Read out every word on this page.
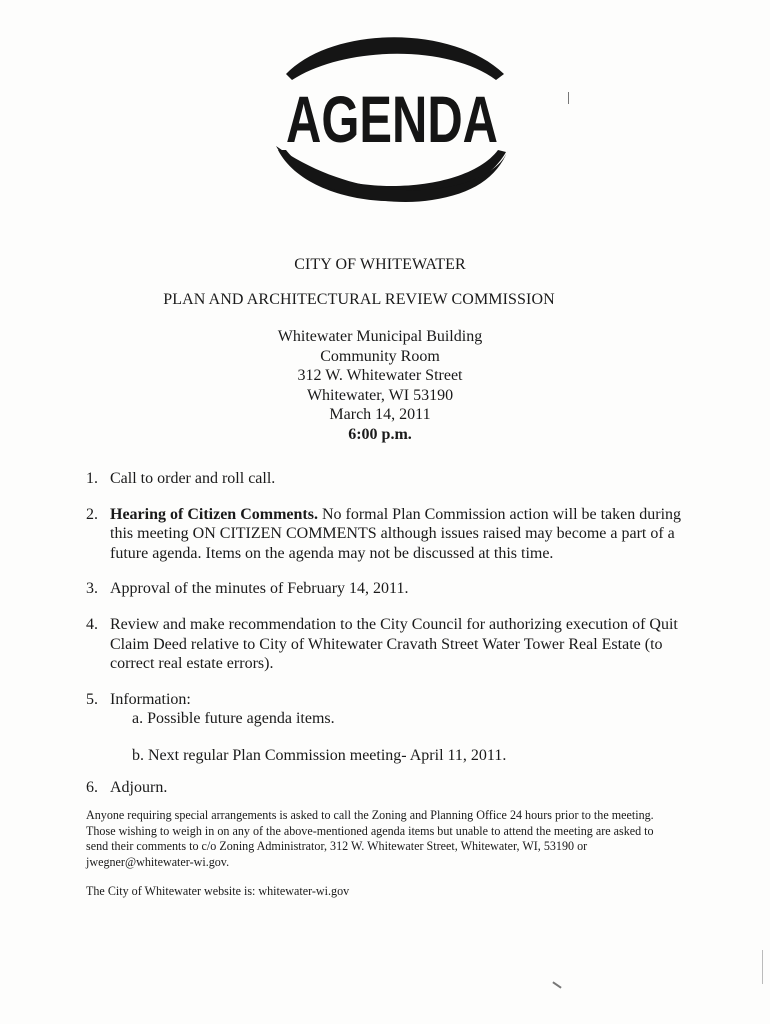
AGENDA
CITY OF WHITEWATER
PLAN AND ARCHITECTURAL REVIEW COMMISSION
Whitewater Municipal Building
Community Room
312 W. Whitewater Street
Whitewater, WI 53190
March 14, 2011
6:00 p.m.
1. Call to order and roll call.
2. Hearing of Citizen Comments. No formal Plan Commission action will be taken during this meeting ON CITIZEN COMMENTS although issues raised may become a part of a future agenda. Items on the agenda may not be discussed at this time.
3. Approval of the minutes of February 14, 2011.
4. Review and make recommendation to the City Council for authorizing execution of Quit Claim Deed relative to City of Whitewater Cravath Street Water Tower Real Estate (to correct real estate errors).
5. Information:
a. Possible future agenda items.
b. Next regular Plan Commission meeting- April 11, 2011.
6. Adjourn.
Anyone requiring special arrangements is asked to call the Zoning and Planning Office 24 hours prior to the meeting. Those wishing to weigh in on any of the above-mentioned agenda items but unable to attend the meeting are asked to send their comments to c/o Zoning Administrator, 312 W. Whitewater Street, Whitewater, WI, 53190 or jwegner@whitewater-wi.gov.
The City of Whitewater website is: whitewater-wi.gov
